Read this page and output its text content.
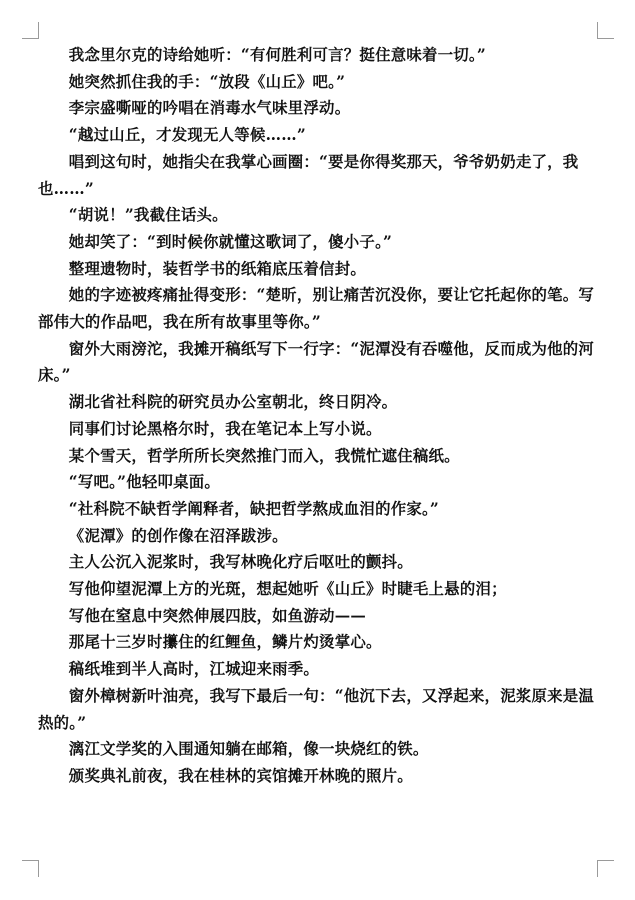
我念里尔克的诗给她听：“有何胜利可言？挺住意味着一切。”

她突然抓住我的手：“放段《山丘》吧。”

李宗盛嘶哑的吟唱在消毒水气味里浮动。

“越过山丘，才发现无人等候……”

唱到这句时，她指尖在我掌心画圈：“要是你得奖那天，爷爷奶奶走了，我也……”

“胡说！”我截住话头。

她却笑了：“到时候你就懂这歌词了，傻小子。”

整理遗物时，装哲学书的纸箱底压着信封。

她的字迹被疼痛扯得变形：“楚昕，别让痛苦沉没你，要让它托起你的笔。写部伟大的作品吧，我在所有故事里等你。”

窗外大雨滂沱，我摊开稿纸写下一行字：“泥潭没有吞噬他，反而成为他的河床。”

湖北省社科院的研究员办公室朝北，终日阴冷。

同事们讨论黑格尔时，我在笔记本上写小说。

某个雪天，哲学所所长突然推门而入，我慌忙遮住稿纸。

“写吧。”他轻叩桌面。

“社科院不缺哲学阐释者，缺把哲学熬成血泪的作家。”

《泥潭》的创作像在沼泽跋涉。

主人公沉入泥浆时，我写林晚化疗后呕吐的颤抖。

写他仰望泥潭上方的光斑，想起她听《山丘》时睫毛上悬的泪；

写他在窒息中突然伸展四肢，如鱼游动——

那尾十三岁时攥住的红鲤鱼，鳞片灼烫掌心。

稿纸堆到半人高时，江城迎来雨季。

窗外樟树新叶油亮，我写下最后一句：“他沉下去，又浮起来，泥浆原来是温热的。”

漓江文学奖的入围通知躺在邮箱，像一块烧红的铁。

颁奖典礼前夜，我在桂林的宾馆摊开林晚的照片。
